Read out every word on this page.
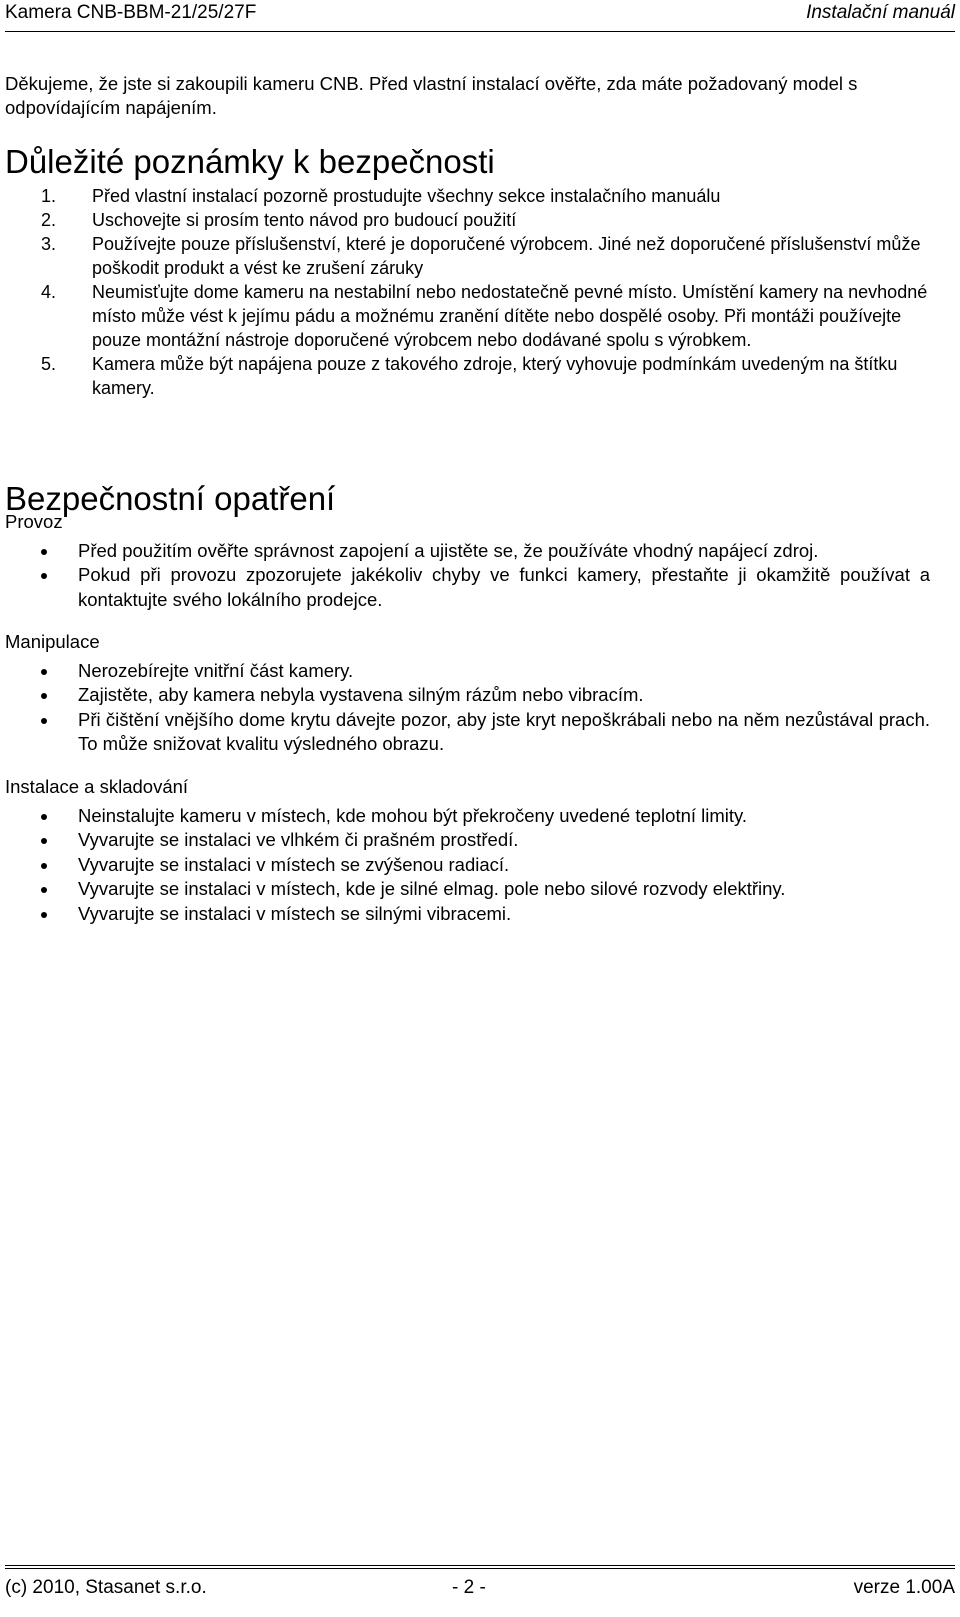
Kamera CNB-BBM-21/25/27F	Instalační manuál

Děkujeme, že jste si zakoupili kameru CNB. Před vlastní instalací ověřte, zda máte požadovaný model s odpovídajícím napájením.

Důležité poznámky k bezpečnosti
1. Před vlastní instalací pozorně prostudujte všechny sekce instalačního manuálu
2. Uschovejte si prosím tento návod pro budoucí použití
3. Používejte pouze příslušenství, které je doporučené výrobcem. Jiné než doporučené příslušenství může poškodit produkt a vést ke zrušení záruky
4. Neumisťujte dome kameru na nestabilní nebo nedostatečně pevné místo. Umístění kamery na nevhodné místo může vést k jejímu pádu a možnému zranění dítěte nebo dospělé osoby. Při montáži používejte pouze montážní nástroje doporučené výrobcem nebo dodávané spolu s výrobkem.
5. Kamera může být napájena pouze z takového zdroje, který vyhovuje podmínkám uvedeným na štítku kamery.
Bezpečnostní opatření
Provoz
Před použitím ověřte správnost zapojení a ujistěte se, že používáte vhodný napájecí zdroj.
Pokud při provozu zpozorujete jakékoliv chyby ve funkci kamery, přestaňte ji okamžitě používat a kontaktujte svého lokálního prodejce.
Manipulace
Nerozebírejte vnitřní část kamery.
Zajistěte, aby kamera nebyla vystavena silným rázům nebo vibracím.
Při čištění vnějšího dome krytu dávejte pozor, aby jste kryt nepoškrábali nebo na něm nezůstával prach. To může snižovat kvalitu výsledného obrazu.
Instalace a skladování
Neinstalujte kameru v místech, kde mohou být překročeny uvedené teplotní limity.
Vyvarujte se instalaci ve vlhkém či prašném prostředí.
Vyvarujte se instalaci v místech se zvýšenou radiací.
Vyvarujte se instalaci v místech, kde je silné elmag. pole nebo silové rozvody elektřiny.
Vyvarujte se instalaci v místech se silnými vibracemi.
(c) 2010, Stasanet s.r.o.	- 2 -	verze 1.00A
